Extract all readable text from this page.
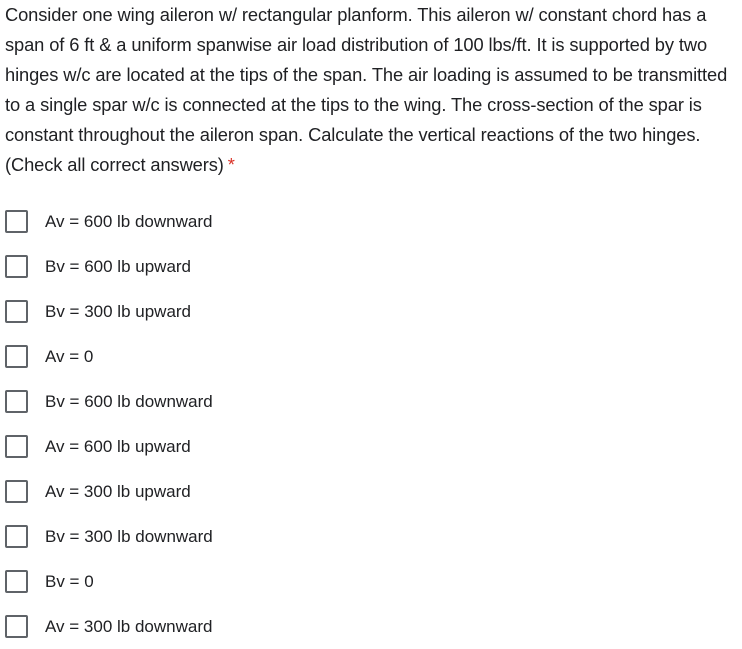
Consider one wing aileron w/ rectangular planform. This aileron w/ constant chord has a span of 6 ft & a uniform spanwise air load distribution of 100 lbs/ft. It is supported by two hinges w/c are located at the tips of the span. The air loading is assumed to be transmitted to a single spar w/c is connected at the tips to the wing. The cross-section of the spar is constant throughout the aileron span. Calculate the vertical reactions of the two hinges. (Check all correct answers) *
Av = 600 lb downward
Bv = 600 lb upward
Bv = 300 lb upward
Av = 0
Bv = 600 lb downward
Av = 600 lb upward
Av = 300 lb upward
Bv = 300 lb downward
Bv = 0
Av = 300 lb downward
